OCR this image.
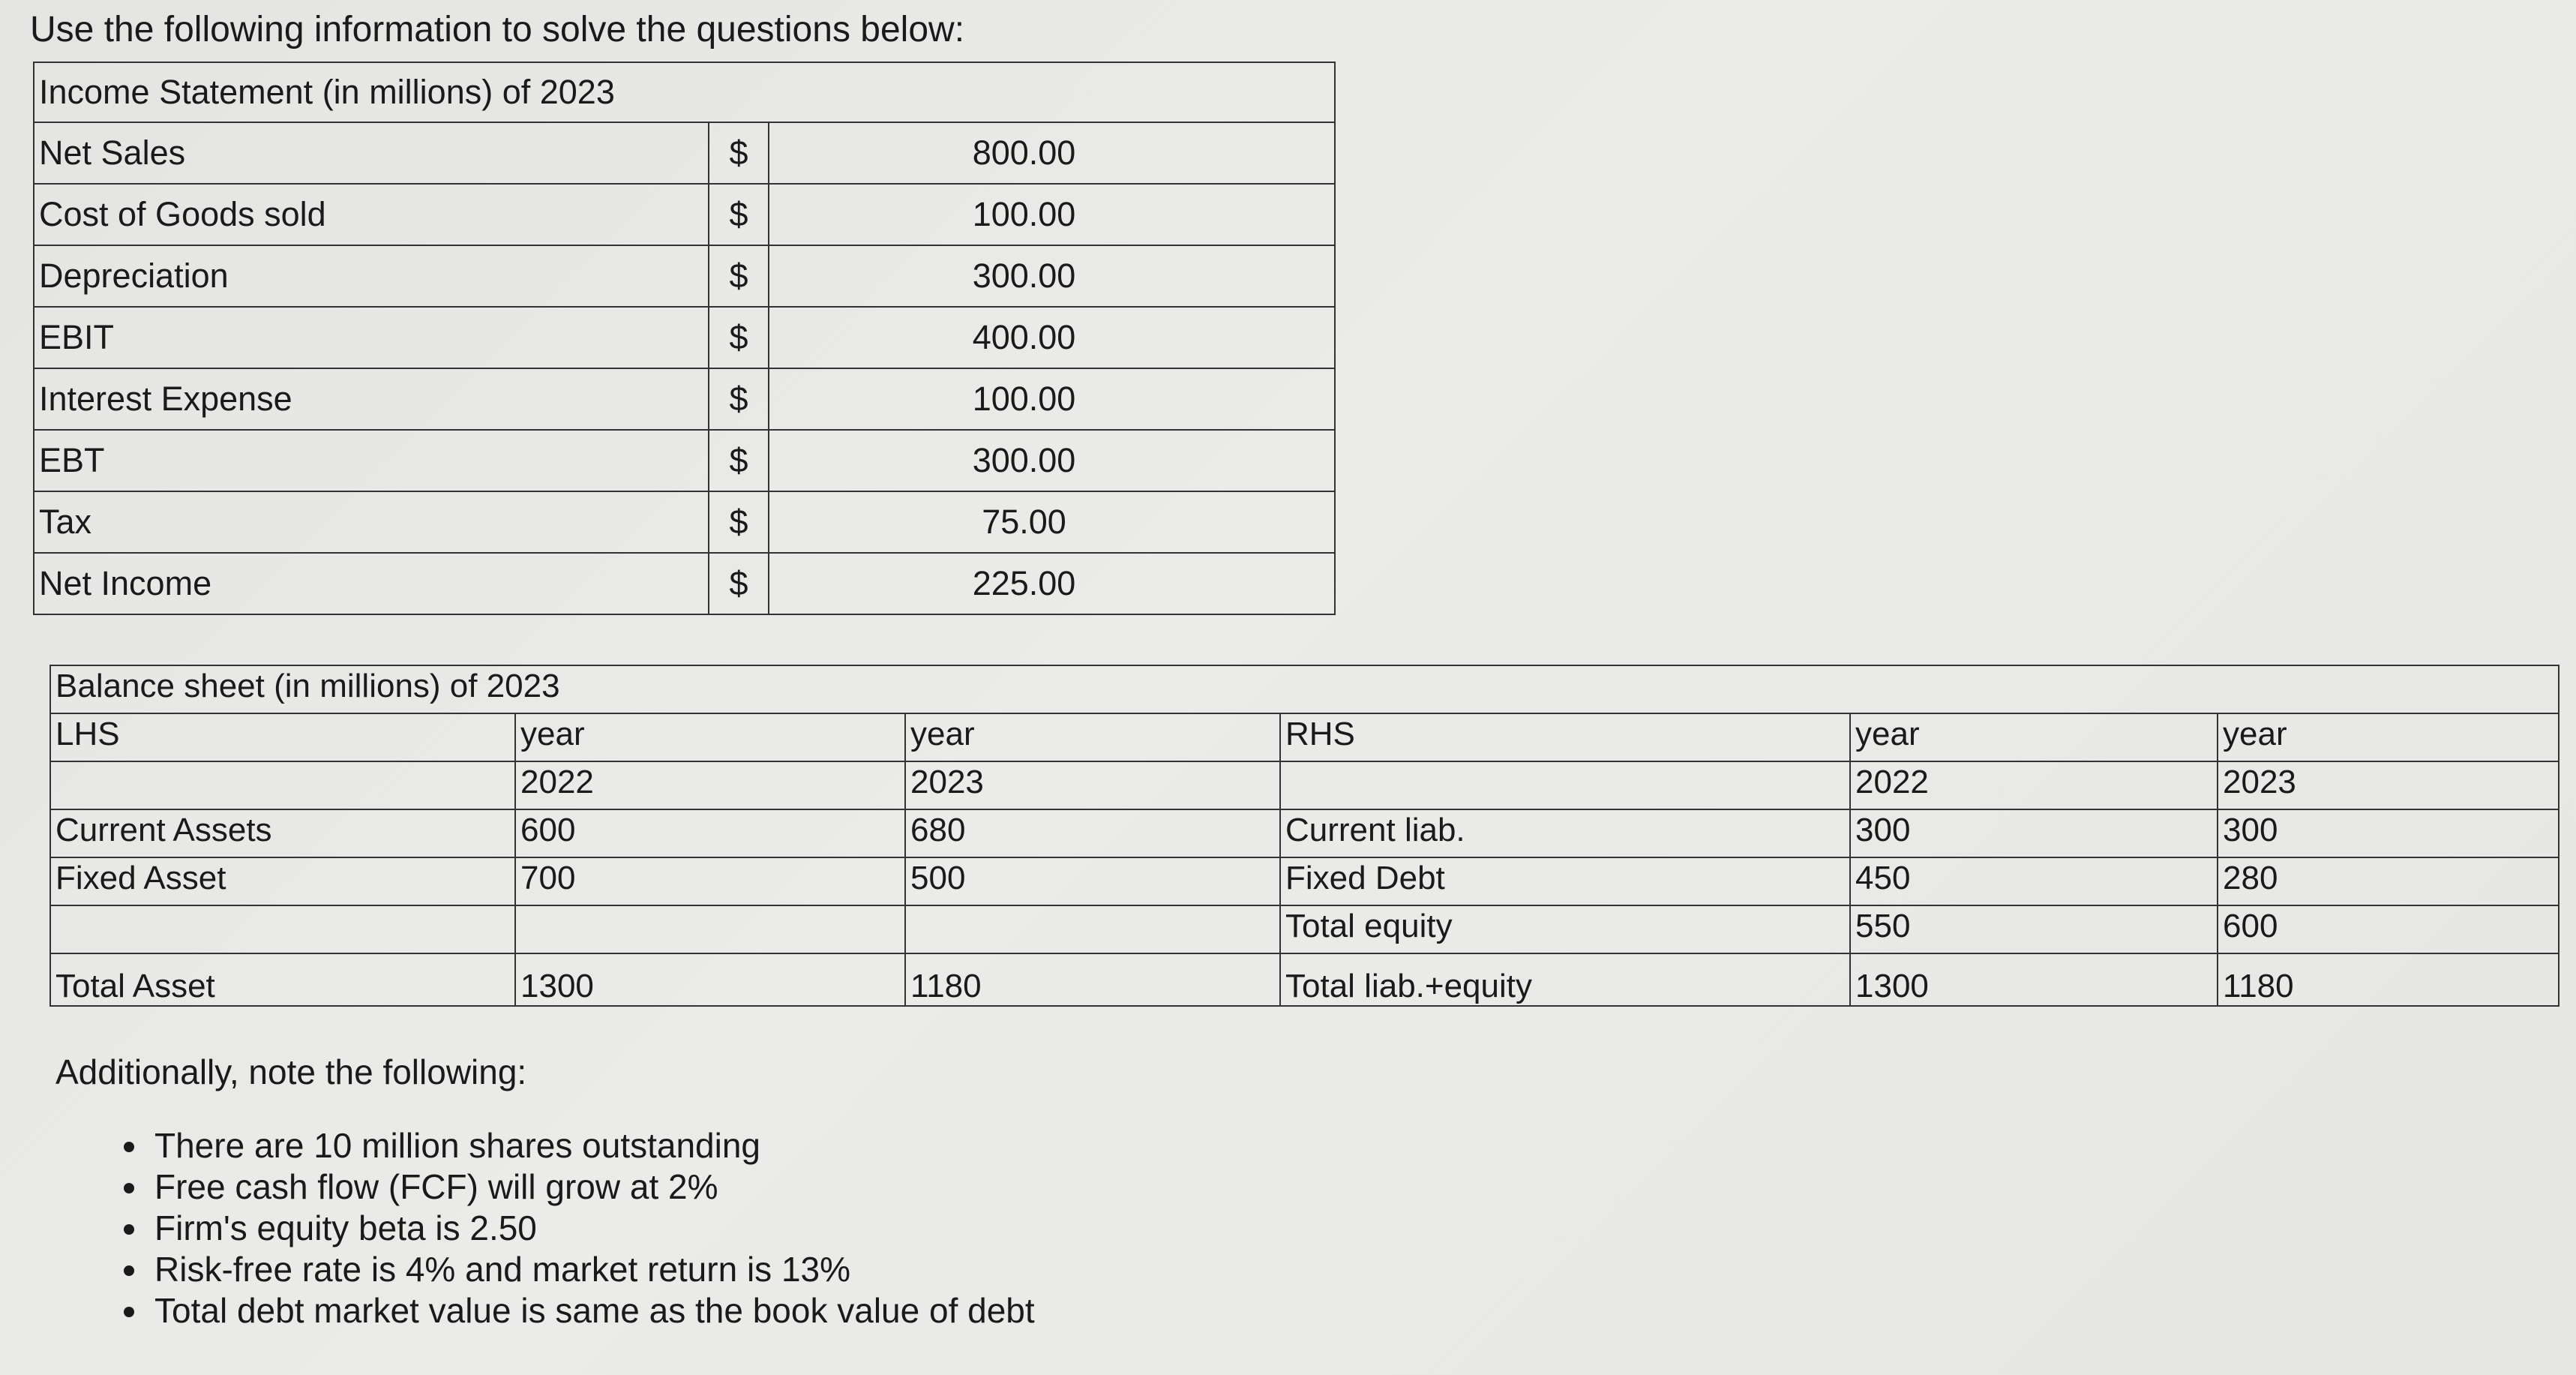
Use the following information to solve the questions below:
Income Statement (in millions) of 2023		
Net Sales	$	800.00
Cost of Goods sold	$	100.00
Depreciation	$	300.00
EBIT	$	400.00
Interest Expense	$	100.00
EBT	$	300.00
Tax	$	75.00
Net Income	$	225.00
Balance sheet (in millions) of 2023					
LHS	year	year	RHS	year	year
	2022	2023		2022	2023
Current Assets	600	680	Current liab.	300	300
Fixed Asset	700	500	Fixed Debt	450	280
			Total equity	550	600
Total Asset	1300	1180	Total liab.+equity	1300	1180
Additionally, note the following:
• There are 10 million shares outstanding
• Free cash flow (FCF) will grow at 2%
• Firm's equity beta is 2.50
• Risk-free rate is 4% and market return is 13%
• Total debt market value is same as the book value of debt
